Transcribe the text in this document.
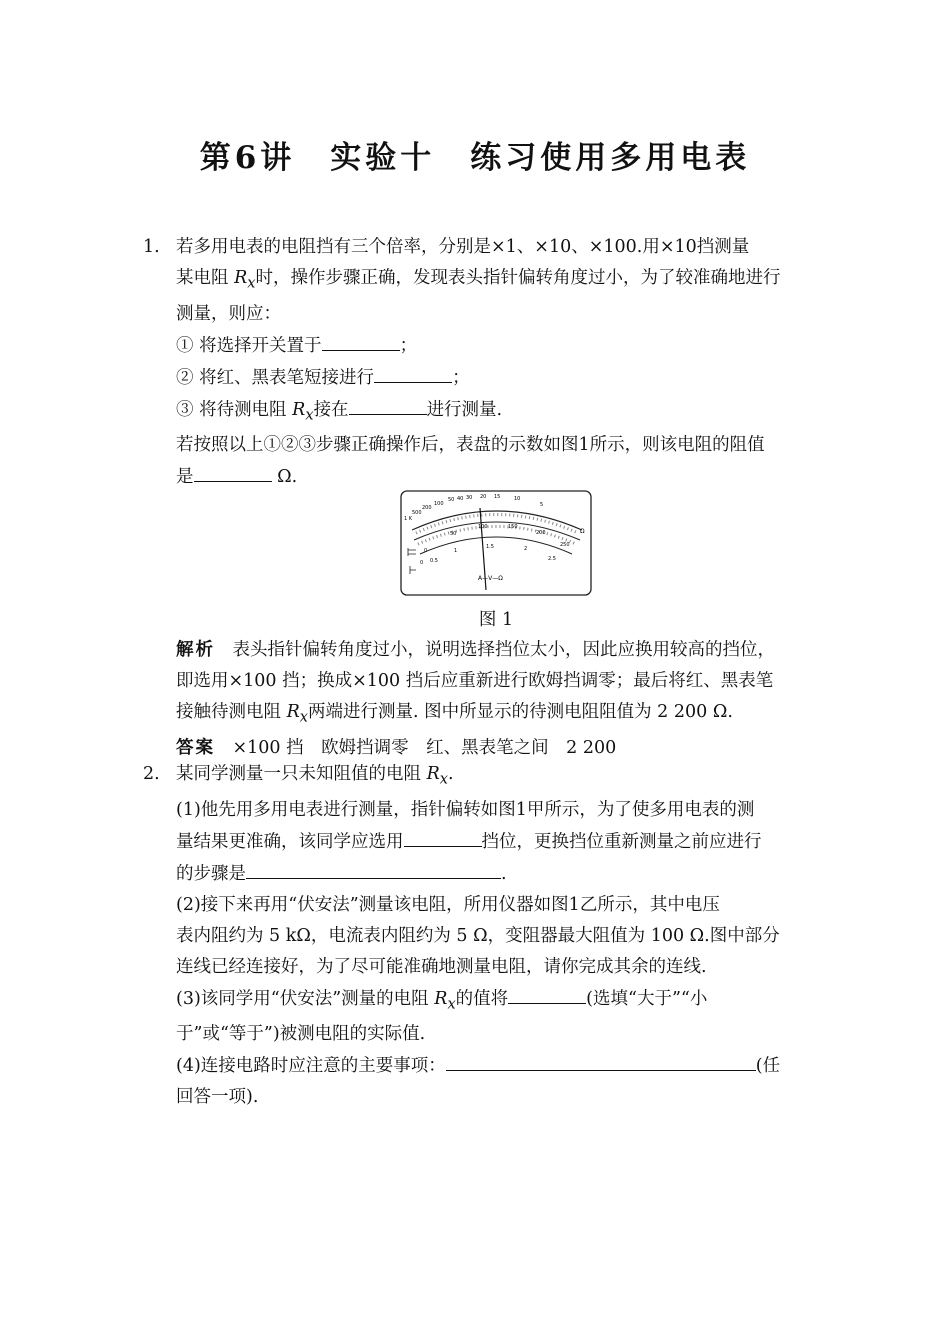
第6讲　实验十　练习使用多用电表
1. 若多用电表的电阻挡有三个倍率，分别是×1、×10、×100.用×10挡测量
某电阻 $R_x$时，操作步骤正确，发现表头指针偏转角度过小，为了较准确地进行
测量，则应：
① 将选择开关置于	；
② 将红、黑表笔短接进行	；
③ 将待测电阻 $R_x$接在	进行测量.
若按照以上①②③步骤正确操作后，表盘的示数如图1所示，则该电阻的阻值
是	Ω.
1 K
500
200
100
50 40 30 20 15	10
5
Ω
0
50
100	150
200
250
0 0.5
1
1.5	2
2.5
A—V—Ω
图 1
解析　表头指针偏转角度过小，说明选择挡位太小，因此应换用较高的挡位，
即选用×100 挡；换成×100 挡后应重新进行欧姆挡调零；最后将红、黑表笔
接触待测电阻 $R_x$两端进行测量. 图中所显示的待测电阻阻值为 2 200 Ω.
答案　×100 挡　欧姆挡调零　红、黑表笔之间　2 200
2. 某同学测量一只未知阻值的电阻 $R_x$.
(1)他先用多用电表进行测量，指针偏转如图1甲所示，为了使多用电表的测
量结果更准确，该同学应选用	挡位，更换挡位重新测量之前应进行
的步骤是	.
(2)接下来再用“伏安法”测量该电阻，所用仪器如图1乙所示，其中电压
表内阻约为 5 kΩ，电流表内阻约为 5 Ω，变阻器最大阻值为 100 Ω.图中部分
连线已经连接好，为了尽可能准确地测量电阻，请你完成其余的连线.
(3)该同学用“伏安法”测量的电阻 $R_x$的值将	(选填“大于”“小
于”或“等于”)被测电阻的实际值.
(4)连接电路时应注意的主要事项：	(任
回答一项).
